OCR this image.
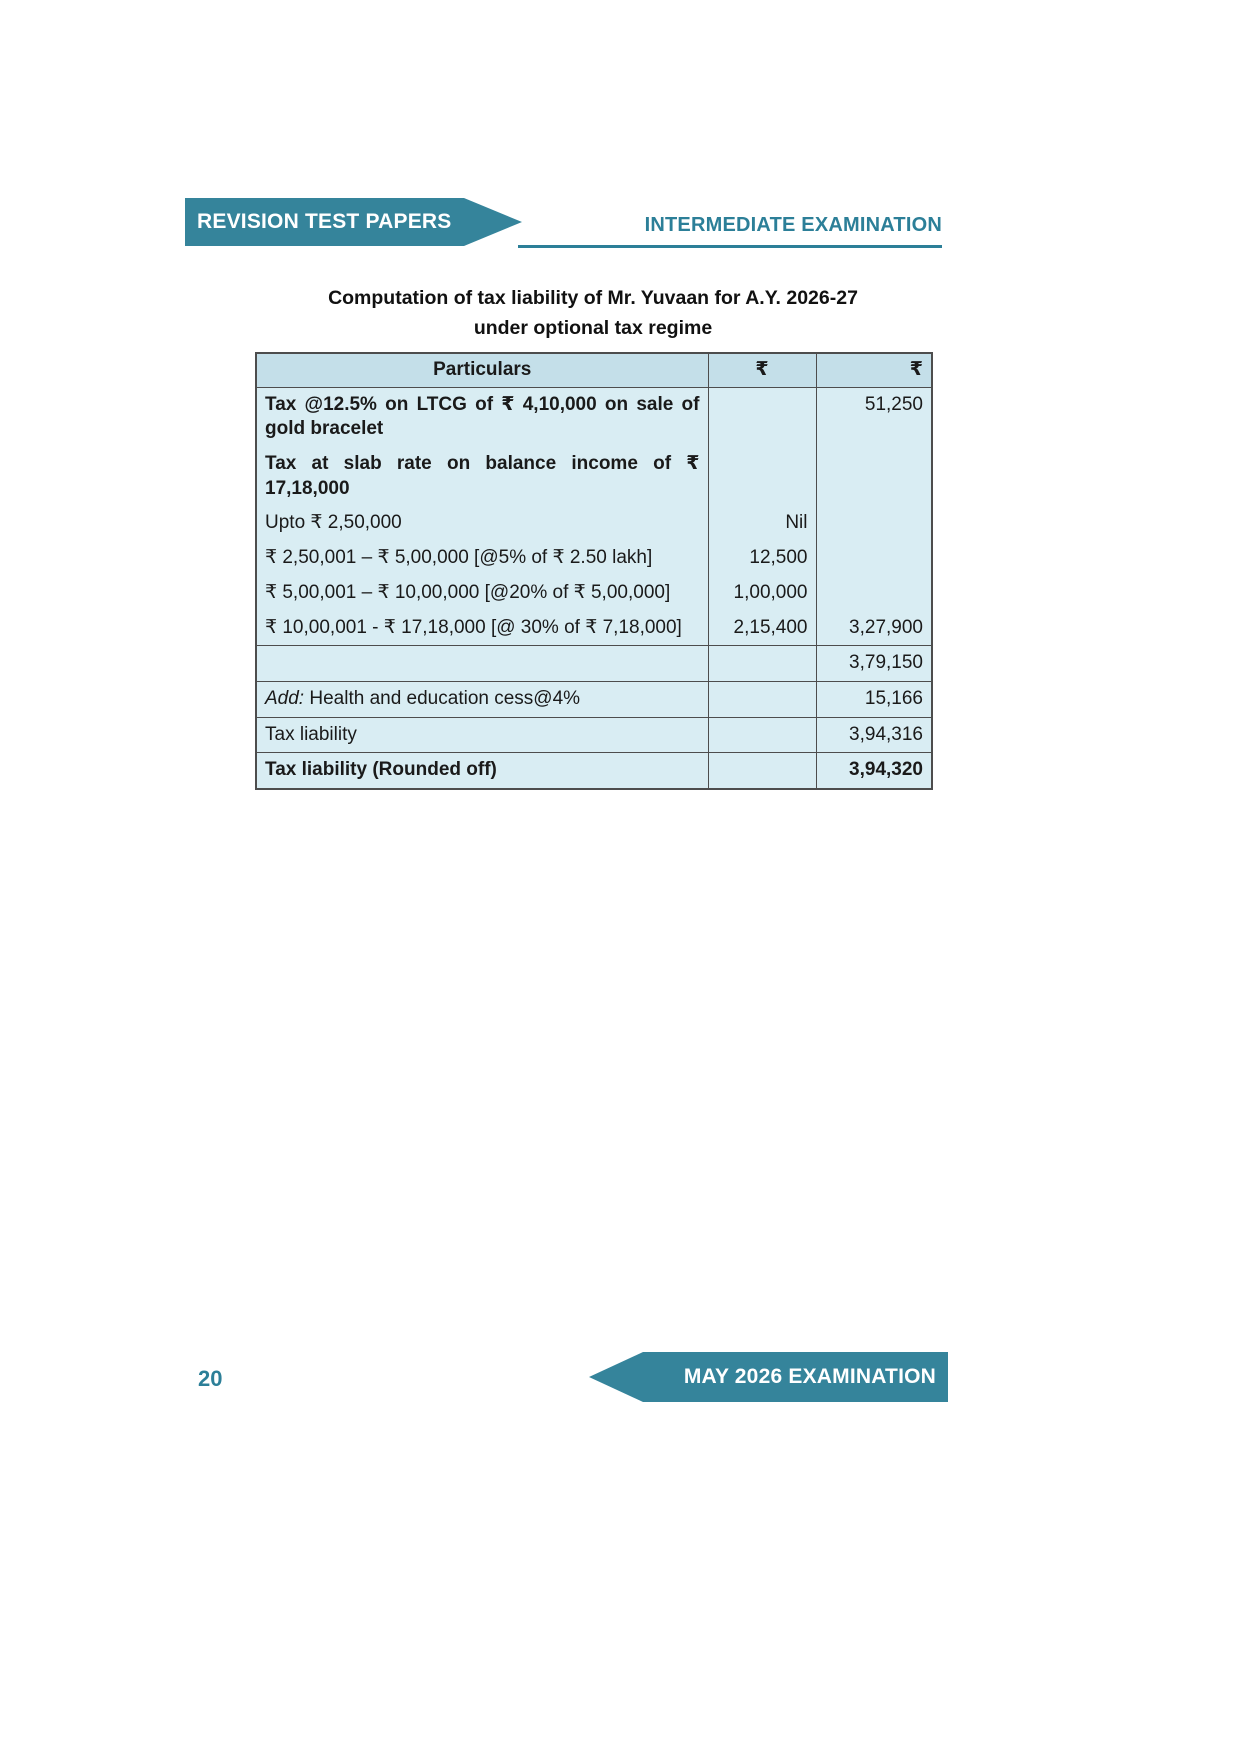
REVISION TEST PAPERS	INTERMEDIATE EXAMINATION
Computation of tax liability of Mr. Yuvaan for A.Y. 2026-27
under optional tax regime
Particulars	₹	₹
Tax @12.5% on LTCG of ₹ 4,10,000 on sale of gold bracelet		51,250
Tax at slab rate on balance income of ₹ 17,18,000		
Upto ₹ 2,50,000	Nil	
₹ 2,50,001 – ₹ 5,00,000 [@5% of ₹ 2.50 lakh]	12,500	
₹ 5,00,001 – ₹ 10,00,000 [@20% of ₹ 5,00,000]	1,00,000	
₹ 10,00,001 - ₹ 17,18,000 [@ 30% of ₹ 7,18,000]	2,15,400	3,27,900
		3,79,150
Add: Health and education cess@4%		15,166
Tax liability		3,94,316
Tax liability (Rounded off)		3,94,320
20	MAY 2026 EXAMINATION
